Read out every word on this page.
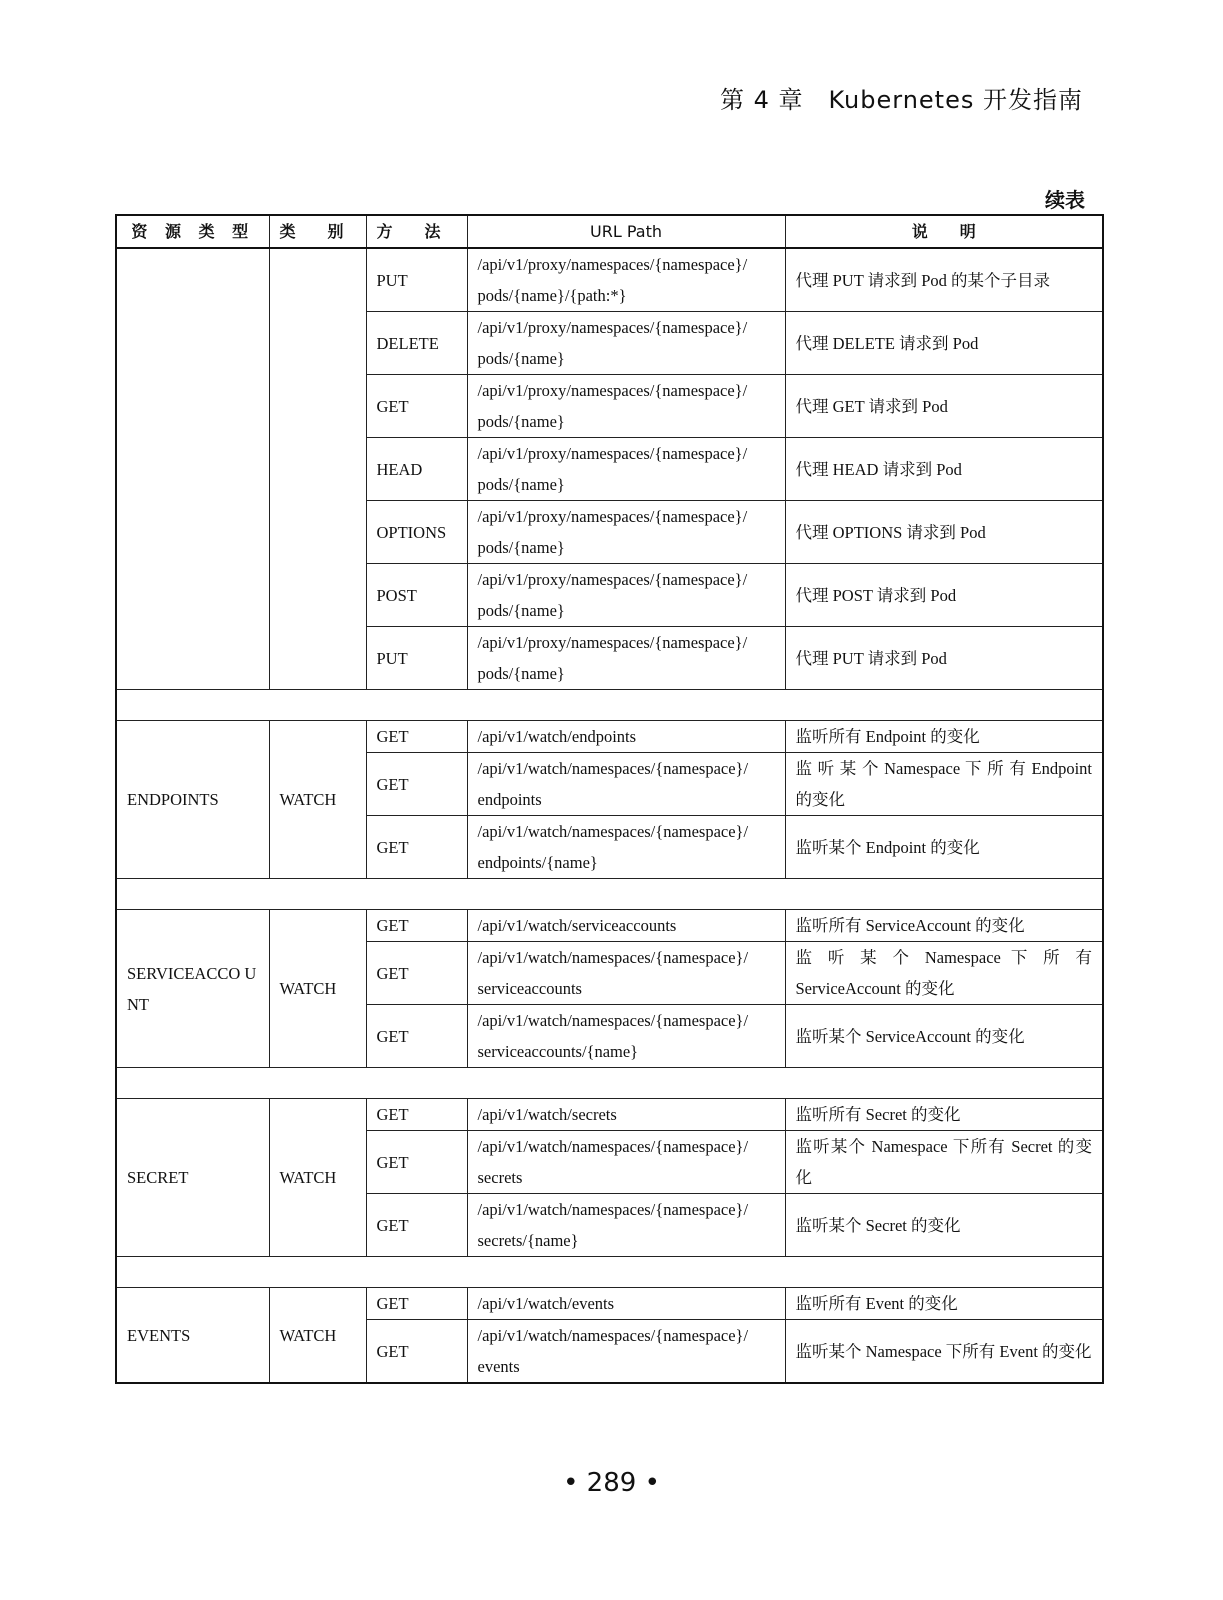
第 4 章　Kubernetes 开发指南
续表
资 源 类 型	类　　别	方　　法	URL Path	说　　明
		PUT	/api/v1/proxy/namespaces/{namespace}/ pods/{name}/{path:*}	代理 PUT 请求到 Pod 的某个子目录
		DELETE	/api/v1/proxy/namespaces/{namespace}/ pods/{name}	代理 DELETE 请求到 Pod
		GET	/api/v1/proxy/namespaces/{namespace}/ pods/{name}	代理 GET 请求到 Pod
		HEAD	/api/v1/proxy/namespaces/{namespace}/ pods/{name}	代理 HEAD 请求到 Pod
		OPTIONS	/api/v1/proxy/namespaces/{namespace}/ pods/{name}	代理 OPTIONS 请求到 Pod
		POST	/api/v1/proxy/namespaces/{namespace}/ pods/{name}	代理 POST 请求到 Pod
		PUT	/api/v1/proxy/namespaces/{namespace}/ pods/{name}	代理 PUT 请求到 Pod

ENDPOINTS	WATCH	GET	/api/v1/watch/endpoints	监听所有 Endpoint 的变化
		GET	/api/v1/watch/namespaces/{namespace}/ endpoints	监 听 某 个 Namespace 下 所 有 Endpoint 的变化
		GET	/api/v1/watch/namespaces/{namespace}/ endpoints/{name}	监听某个 Endpoint 的变化

SERVICEACCO UNT	WATCH	GET	/api/v1/watch/serviceaccounts	监听所有 ServiceAccount 的变化
		GET	/api/v1/watch/namespaces/{namespace}/ serviceaccounts	监 听 某 个 Namespace 下 所 有 ServiceAccount 的变化
		GET	/api/v1/watch/namespaces/{namespace}/ serviceaccounts/{name}	监听某个 ServiceAccount 的变化

SECRET	WATCH	GET	/api/v1/watch/secrets	监听所有 Secret 的变化
		GET	/api/v1/watch/namespaces/{namespace}/ secrets	监听某个 Namespace 下所有 Secret 的变化
		GET	/api/v1/watch/namespaces/{namespace}/ secrets/{name}	监听某个 Secret 的变化

EVENTS	WATCH	GET	/api/v1/watch/events	监听所有 Event 的变化
		GET	/api/v1/watch/namespaces/{namespace}/ events	监听某个 Namespace 下所有 Event 的变化
• 289 •
